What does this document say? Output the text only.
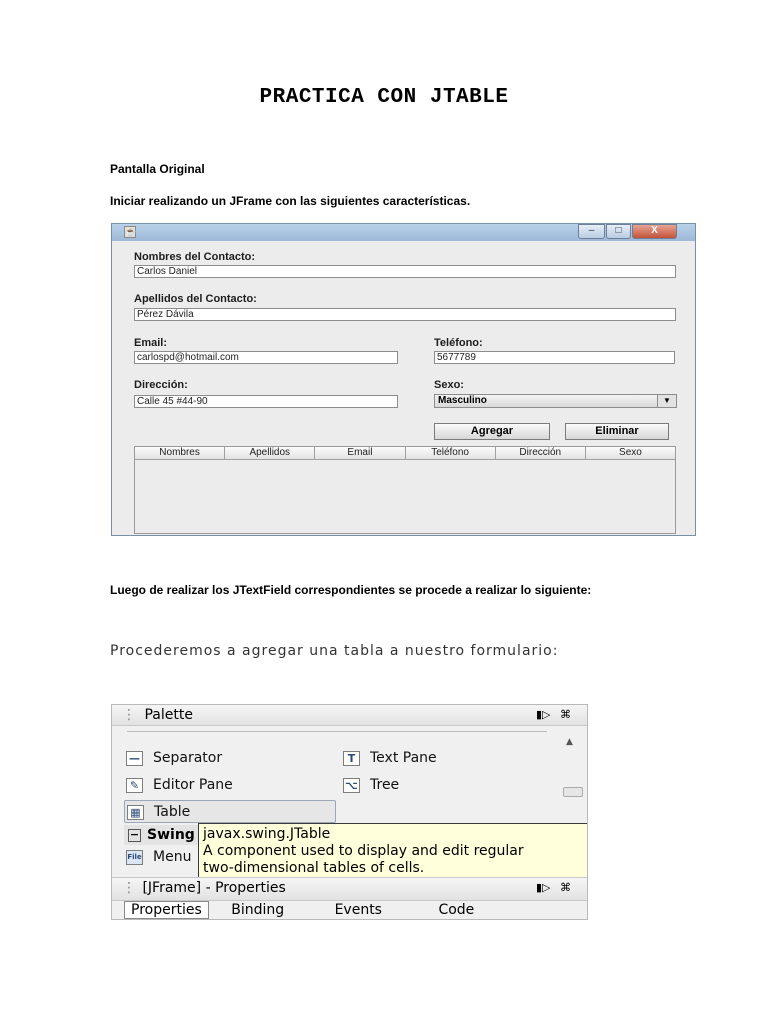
PRACTICA CON JTABLE
Pantalla Original
Iniciar realizando un JFrame con las siguientes características.
☕	–	□	X
Nombres del Contacto:
Carlos Daniel
Apellidos del Contacto:
Pérez Dávila
Email:
carlospd@hotmail.com
Teléfono:
5677789
Dirección:
Calle 45 #44-90
Sexo:
Masculino	▼
Agregar	Eliminar
Nombres	Apellidos	Email	Teléfono	Dirección	Sexo
Luego de realizar los JTextField correspondientes se procede a realizar lo siguiente:
Procederemos a agregar una tabla a nuestro formulario:
⋮ Palette	▮▷ ⌘
— Separator
✎ Editor Pane
▦ Table
T Text Pane
⌥ Tree
▲
− Swing
File Menu
javax.swing.JTable
A component used to display and edit regular
two-dimensional tables of cells.
⋮ [JFrame] - Properties	▮▷ ⌘
Properties Binding	Events	Code
